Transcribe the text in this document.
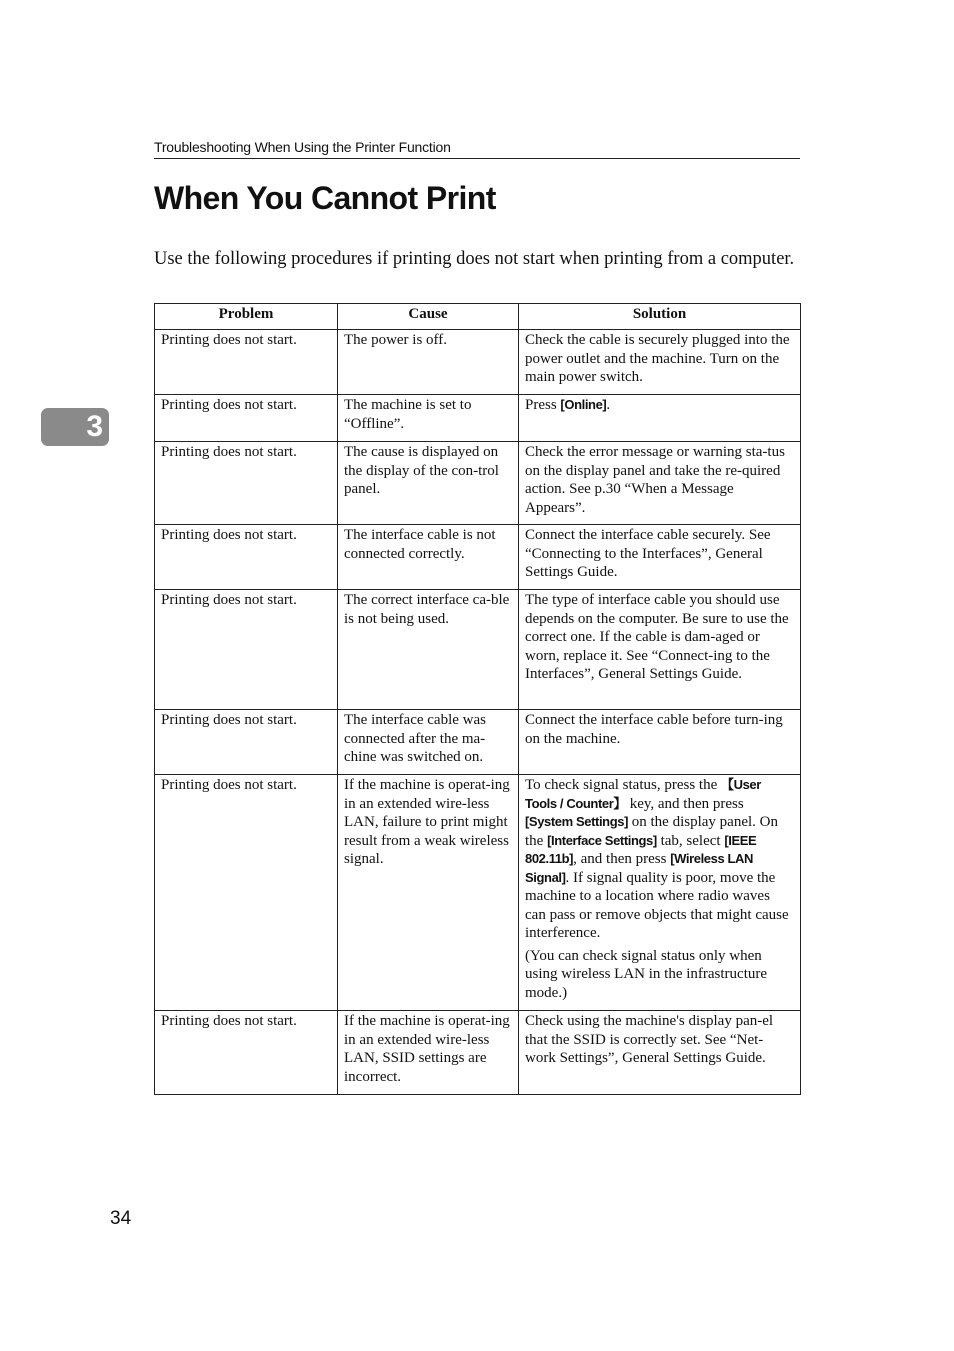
Troubleshooting When Using the Printer Function
When You Cannot Print

Use the following procedures if printing does not start when printing from a computer.

3
Problem	Cause	Solution
Printing does not start.	The power is off.	Check the cable is securely plugged into the power outlet and the machine. Turn on the main power switch.
Printing does not start.	The machine is set to “Offline”.	Press [Online].
Printing does not start.	The cause is displayed on the display of the con-trol panel.	Check the error message or warning sta-tus on the display panel and take the re-quired action. See p.30 “When a Message Appears”.
Printing does not start.	The interface cable is not connected correctly.	Connect the interface cable securely. See “Connecting to the Interfaces”, General Settings Guide.
Printing does not start.	The correct interface ca-ble is not being used.	The type of interface cable you should use depends on the computer. Be sure to use the correct one. If the cable is dam-aged or worn, replace it. See “Connect-ing to the Interfaces”, General Settings Guide.
Printing does not start.	The interface cable was connected after the ma-chine was switched on.	Connect the interface cable before turn-ing on the machine.
Printing does not start.	If the machine is operat-ing in an extended wire-less LAN, failure to print might result from a weak wireless signal.	To check signal status, press the 【User Tools / Counter】 key, and then press [System Settings] on the display panel. On the [Interface Settings] tab, select [IEEE 802.11b], and then press [Wireless LAN Signal]. If signal quality is poor, move the machine to a location where radio waves can pass or remove objects that might cause interference.
(You can check signal status only when using wireless LAN in the infrastructure mode.)

Printing does not start.	If the machine is operat-ing in an extended wire-less LAN, SSID settings are incorrect.	Check using the machine's display pan-el that the SSID is correctly set. See “Net-work Settings”, General Settings Guide.
34
